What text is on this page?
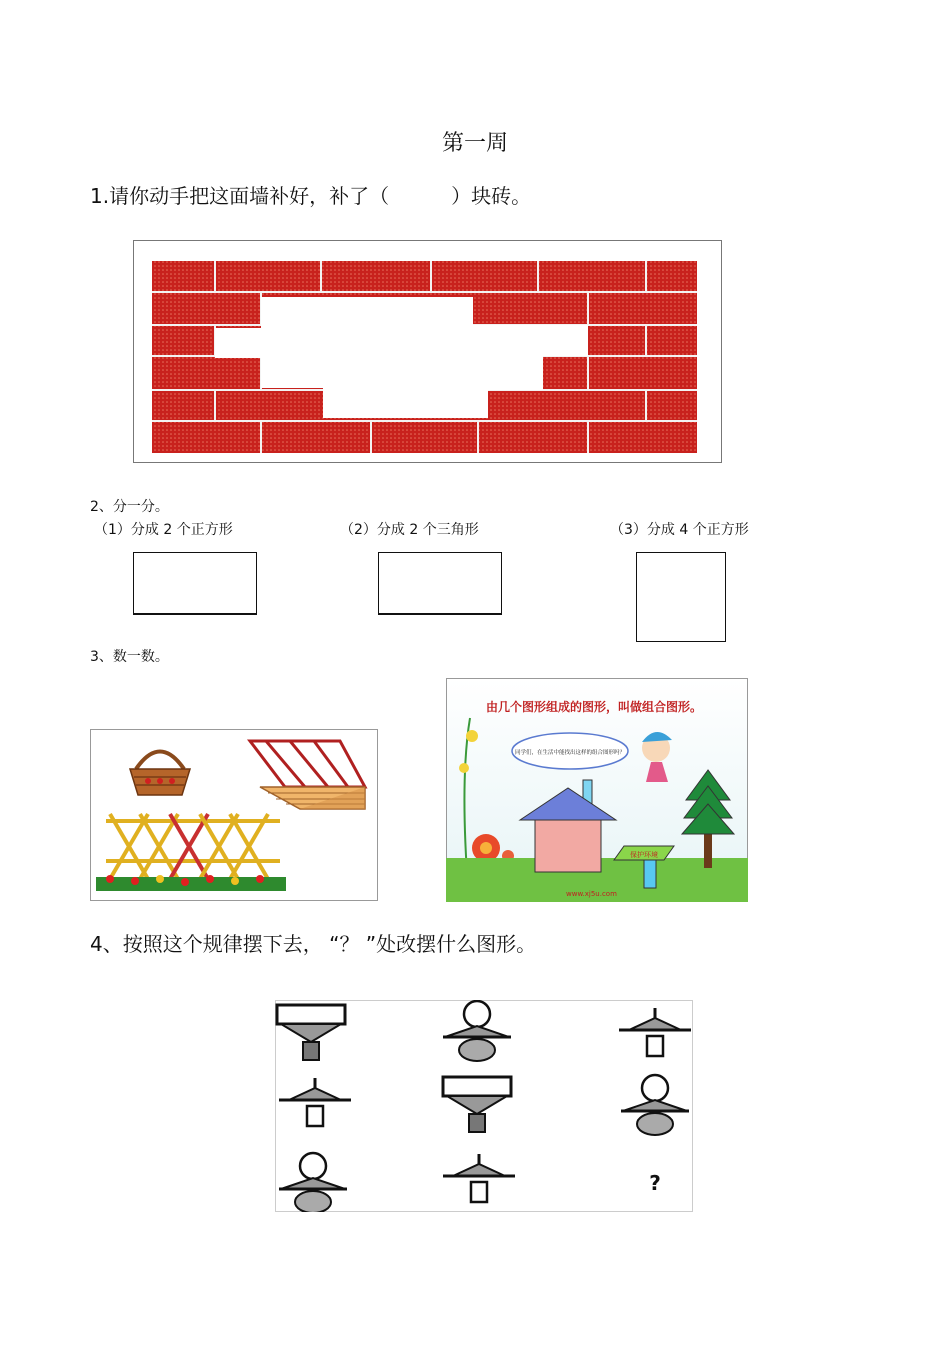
第一周
1.请你动手把这面墙补好，补了（	）块砖。
2、分一分。
（1）分成 2 个正方形	（2）分成 2 个三角形	（3）分成 4 个正方形
3、数一数。
由几个图形组成的图形，叫做组合图形。
同学们，在生活中能找出这样的组合图形吗？
保护环境
www.xj5u.com
4、按照这个规律摆下去， “？ ”处改摆什么图形。
?
